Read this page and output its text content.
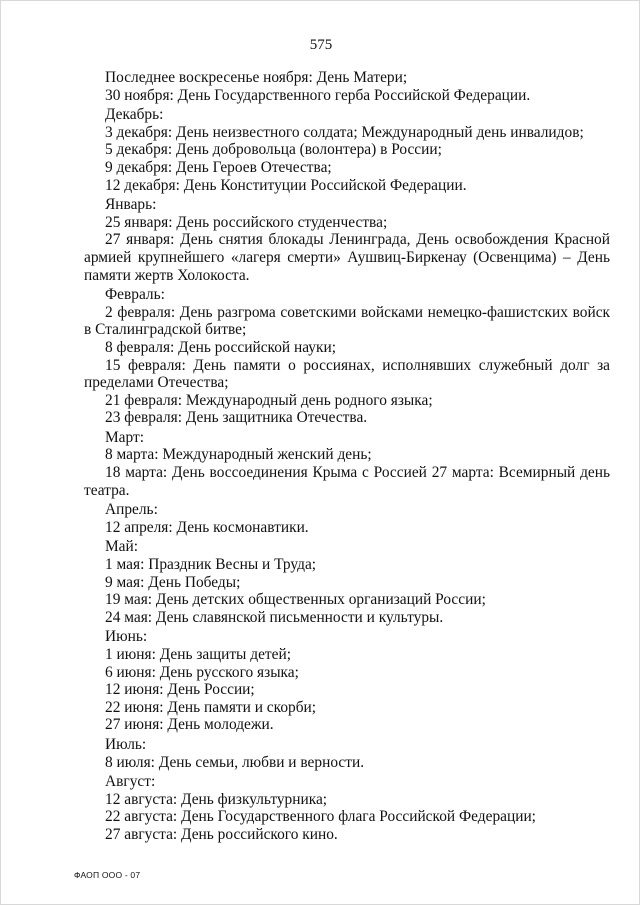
575
Последнее воскресенье ноября: День Матери;
30 ноября: День Государственного герба Российской Федерации.
Декабрь:
3 декабря: День неизвестного солдата; Международный день инвалидов;
5 декабря: День добровольца (волонтера) в России;
9 декабря: День Героев Отечества;
12 декабря: День Конституции Российской Федерации.
Январь:
25 января: День российского студенчества;
27 января: День снятия блокады Ленинграда, День освобождения Красной армией крупнейшего «лагеря смерти» Аушвиц-Биркенау (Освенцима) – День памяти жертв Холокоста.
Февраль:
2 февраля: День разгрома советскими войсками немецко-фашистских войск в Сталинградской битве;
8 февраля: День российской науки;
15 февраля: День памяти о россиянах, исполнявших служебный долг за пределами Отечества;
21 февраля: Международный день родного языка;
23 февраля: День защитника Отечества.
Март:
8 марта: Международный женский день;
18 марта: День воссоединения Крыма с Россией 27 марта: Всемирный день театра.
Апрель:
12 апреля: День космонавтики.
Май:
1 мая: Праздник Весны и Труда;
9 мая: День Победы;
19 мая: День детских общественных организаций России;
24 мая: День славянской письменности и культуры.
Июнь:
1 июня: День защиты детей;
6 июня: День русского языка;
12 июня: День России;
22 июня: День памяти и скорби;
27 июня: День молодежи.
Июль:
8 июля: День семьи, любви и верности.
Август:
12 августа: День физкультурника;
22 августа: День Государственного флага Российской Федерации;
27 августа: День российского кино.
ФАОП ООО - 07
